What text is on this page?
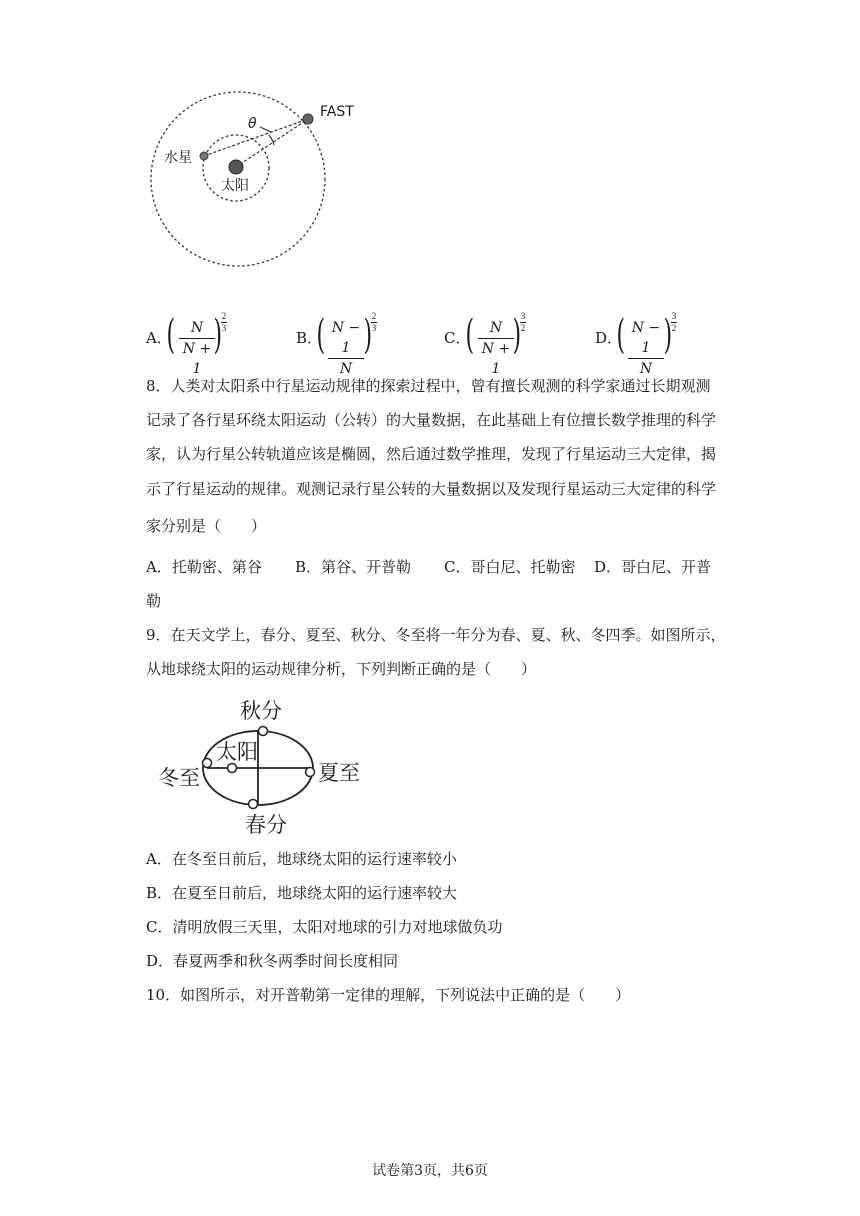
FAST
θ
水星
太阳
A．
(	N
N + 1
) 2
3
B．
( N − 1
N
) 2
3
C．
(	N
N + 1
) 3
2
D．
( N − 1
N
) 3
2
8．人类对太阳系中行星运动规律的探索过程中，曾有擅长观测的科学家通过长期观测
记录了各行星环绕太阳运动（公转）的大量数据，在此基础上有位擅长数学推理的科学
家，认为行星公转轨道应该是椭圆，然后通过数学推理，发现了行星运动三大定律，揭
示了行星运动的规律。观测记录行星公转的大量数据以及发现行星运动三大定律的科学
家分别是（　　）
A．托勒密、第谷 B．第谷、开普勒 C．哥白尼、托勒密 D．哥白尼、开普
勒
9．在天文学上，春分、夏至、秋分、冬至将一年分为春、夏、秋、冬四季。如图所示，
从地球绕太阳的运动规律分析，下列判断正确的是（　　）
秋分
太阳
冬至	夏至
春分
A．在冬至日前后，地球绕太阳的运行速率较小
B．在夏至日前后，地球绕太阳的运行速率较大
C．清明放假三天里，太阳对地球的引力对地球做负功
D．春夏两季和秋冬两季时间长度相同
10．如图所示，对开普勒第一定律的理解，下列说法中正确的是（　　）
试卷第3页，共6页
